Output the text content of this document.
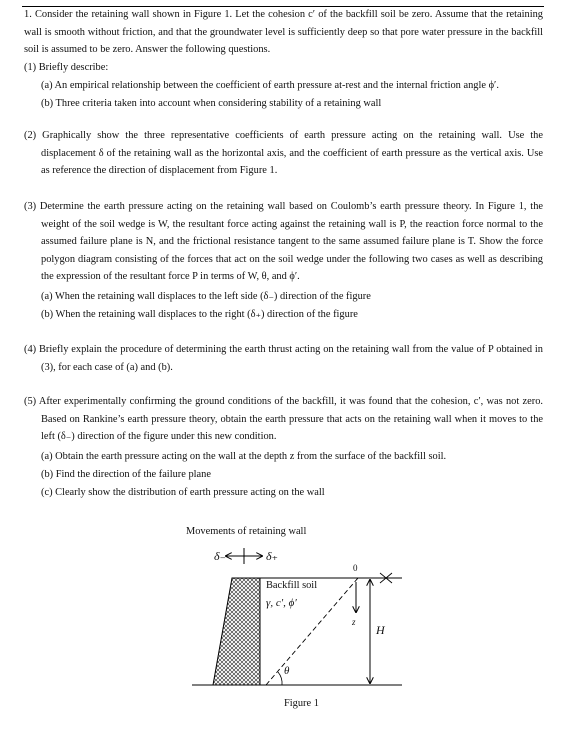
1. Consider the retaining wall shown in Figure 1. Let the cohesion c′ of the backfill soil be zero. Assume that the retaining wall is smooth without friction, and that the groundwater level is sufficiently deep so that pore water pressure in the backfill soil is assumed to be zero. Answer the following questions.

(1) Briefly describe:
(a) An empirical relationship between the coefficient of earth pressure at-rest and the internal friction angle ϕ′.
(b) Three criteria taken into account when considering stability of a retaining wall

(2) Graphically show the three representative coefficients of earth pressure acting on the retaining wall. Use the displacement δ of the retaining wall as the horizontal axis, and the coefficient of earth pressure as the vertical axis. Use as reference the direction of displacement from Figure 1.

(3) Determine the earth pressure acting on the retaining wall based on Coulomb’s earth pressure theory. In Figure 1, the weight of the soil wedge is W, the resultant force acting against the retaining wall is P, the reaction force normal to the assumed failure plane is N, and the frictional resistance tangent to the same assumed failure plane is T. Show the force polygon diagram consisting of the forces that act on the soil wedge under the following two cases as well as describing the expression of the resultant force P in terms of W, θ, and ϕ′.

(a) When the retaining wall displaces to the left side (δ₋) direction of the figure
(b) When the retaining wall displaces to the right (δ₊) direction of the figure

(4) Briefly explain the procedure of determining the earth thrust acting on the retaining wall from the value of P obtained in (3), for each case of (a) and (b).

(5) After experimentally confirming the ground conditions of the backfill, it was found that the cohesion, c′, was not zero. Based on Rankine’s earth pressure theory, obtain the earth pressure that acts on the retaining wall when it moves to the left (δ₋) direction of the figure under this new condition.

(a) Obtain the earth pressure acting on the wall at the depth z from the surface of the backfill soil.
(b) Find the direction of the failure plane
(c) Clearly show the distribution of earth pressure acting on the wall
Movements of retaining wall
δ₋	δ₊
Backfill soil
γ, c′, ϕ′
0
z
H
θ
Figure 1
